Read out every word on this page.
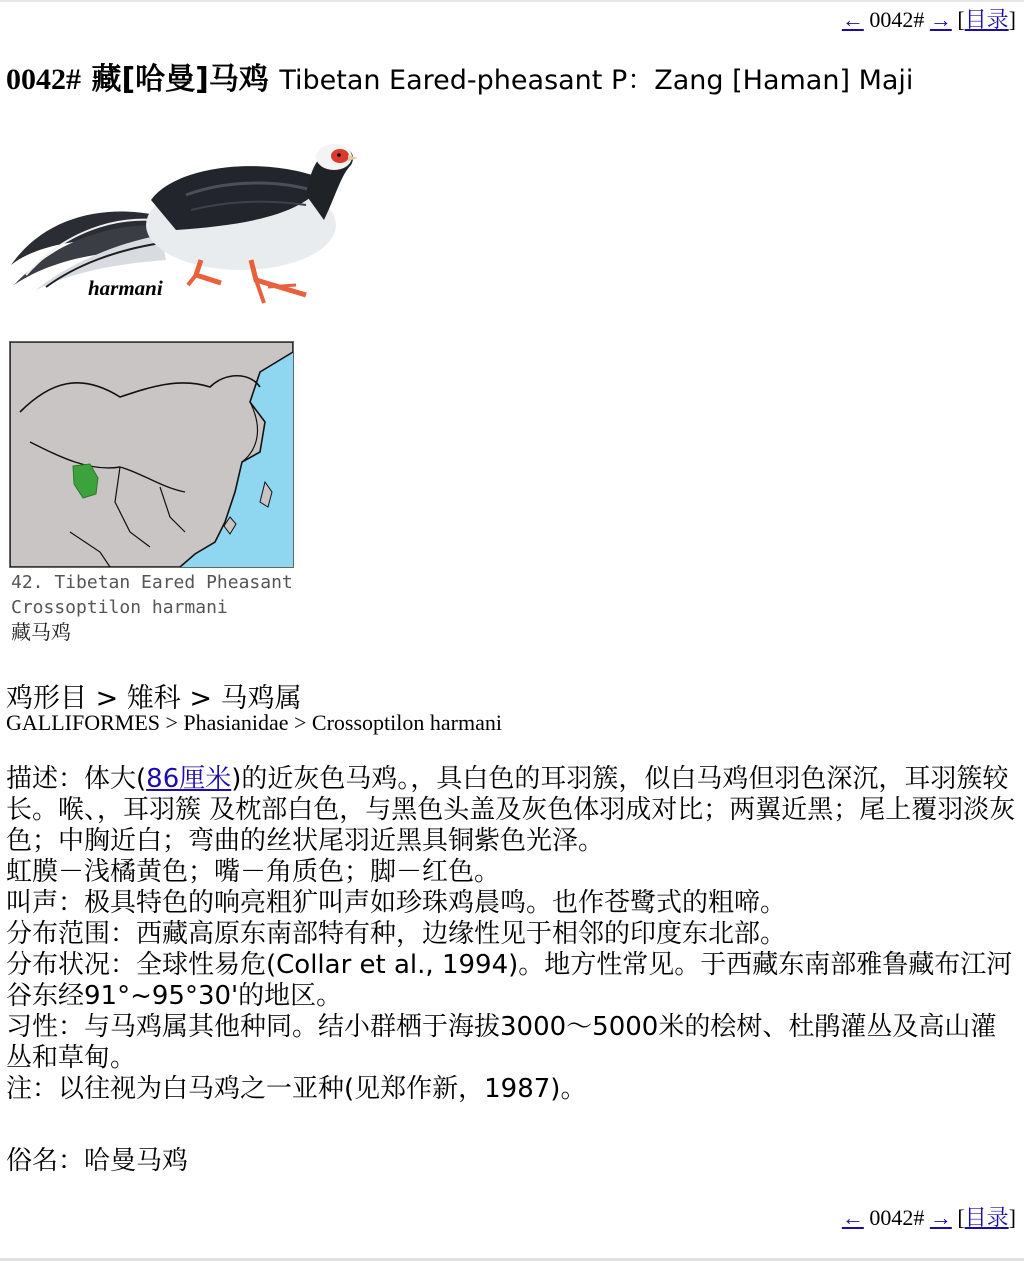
← 0042# → [目录]
0042# 藏[哈曼]马鸡 Tibetan Eared-pheasant P：Zang [Haman] Maji
harmani
42. Tibetan Eared Pheasant
Crossoptilon harmani
藏马鸡
鸡形目 > 雉科 > 马鸡属
GALLIFORMES > Phasianidae > Crossoptilon harmani

描述：体大(86厘米)的近灰色马鸡。，具白色的耳羽簇，似白马鸡但羽色深沉，耳羽簇较长。喉、，耳羽簇 及枕部白色，与黑色头盖及灰色体羽成对比；两翼近黑；尾上覆羽淡灰色；中胸近白；弯曲的丝状尾羽近黑具铜紫色光泽。

虹膜－浅橘黄色；嘴－角质色；脚－红色。

叫声：极具特色的响亮粗犷叫声如珍珠鸡晨鸣。也作苍鹭式的粗啼。

分布范围：西藏高原东南部特有种，边缘性见于相邻的印度东北部。

分布状况：全球性易危(Collar et al., 1994)。地方性常见。于西藏东南部雅鲁藏布江河谷东经91°~95°30'的地区。

习性：与马鸡属其他种同。结小群栖于海拔3000～5000米的桧树、杜鹃灌丛及高山灌丛和草甸。

注：以往视为白马鸡之一亚种(见郑作新，1987)。

俗名：哈曼马鸡
← 0042# → [目录]
